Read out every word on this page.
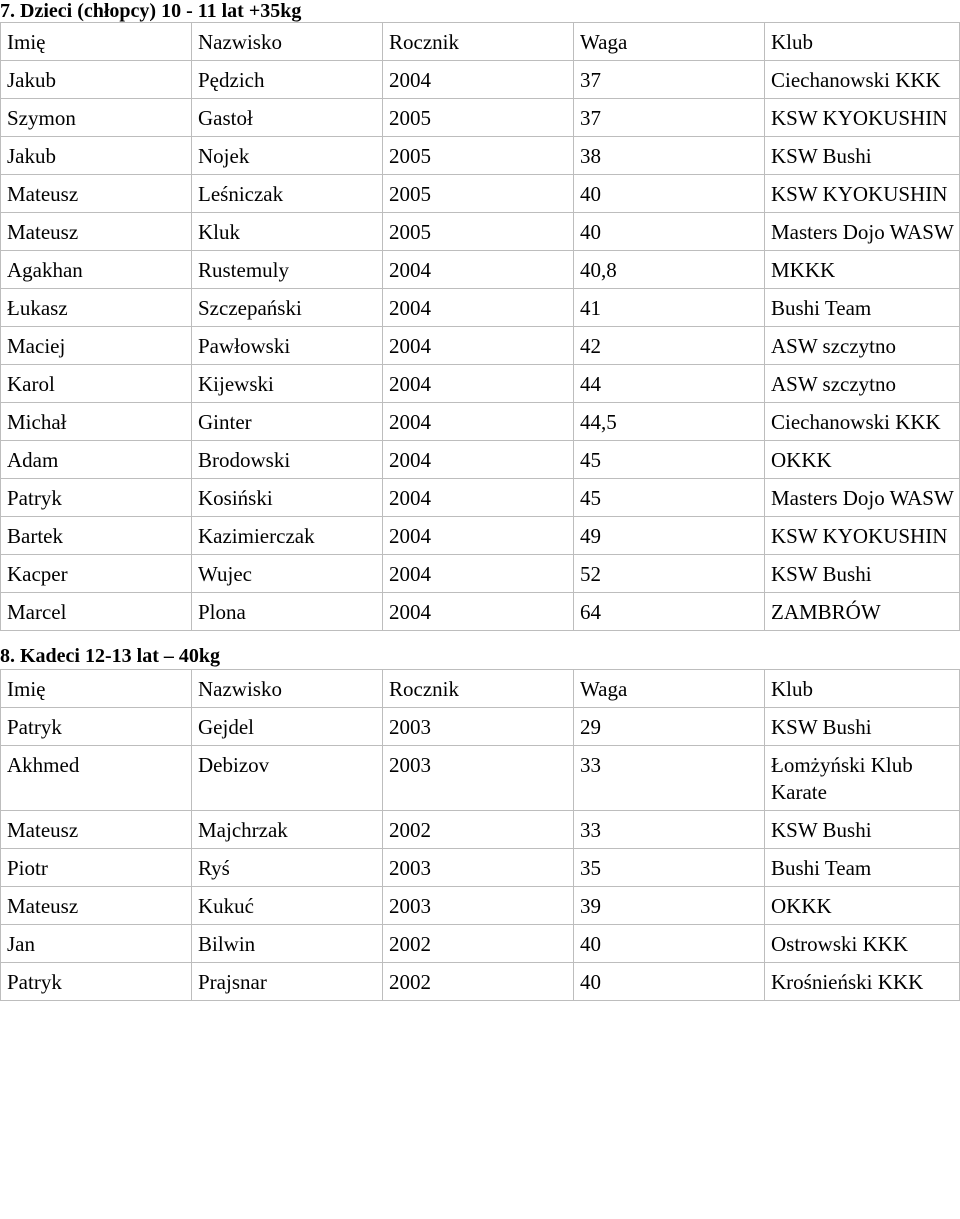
7. Dzieci (chłopcy) 10 - 11 lat +35kg
Imię	Nazwisko	Rocznik	Waga	Klub
Jakub	Pędzich	2004	37	Ciechanowski KKK
Szymon	Gastoł	2005	37	KSW KYOKUSHIN
Jakub	Nojek	2005	38	KSW Bushi
Mateusz	Leśniczak	2005	40	KSW KYOKUSHIN
Mateusz	Kluk	2005	40	Masters Dojo WASW
Agakhan	Rustemuly	2004	40,8	MKKK
Łukasz	Szczepański	2004	41	Bushi Team
Maciej	Pawłowski	2004	42	ASW szczytno
Karol	Kijewski	2004	44	ASW szczytno
Michał	Ginter	2004	44,5	Ciechanowski KKK
Adam	Brodowski	2004	45	OKKK
Patryk	Kosiński	2004	45	Masters Dojo WASW
Bartek	Kazimierczak	2004	49	KSW KYOKUSHIN
Kacper	Wujec	2004	52	KSW Bushi
Marcel	Plona	2004	64	ZAMBRÓW
8. Kadeci 12-13 lat – 40kg
Imię	Nazwisko	Rocznik	Waga	Klub
Patryk	Gejdel	2003	29	KSW Bushi
Akhmed	Debizov	2003	33	Łomżyński Klub Karate
Mateusz	Majchrzak	2002	33	KSW Bushi
Piotr	Ryś	2003	35	Bushi Team
Mateusz	Kukuć	2003	39	OKKK
Jan	Bilwin	2002	40	Ostrowski KKK
Patryk	Prajsnar	2002	40	Krośnieński KKK
